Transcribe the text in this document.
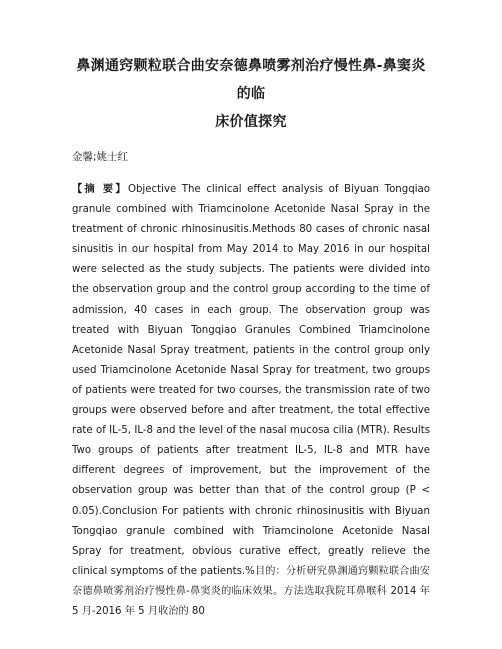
鼻渊通窍颗粒联合曲安奈德鼻喷雾剂治疗慢性鼻-鼻窦炎的临
床价值探究

金馨;姚士红

【摘 要】Objective The clinical effect analysis of Biyuan Tongqiao granule combined with Triamcinolone Acetonide Nasal Spray in the treatment of chronic rhinosinusitis.Methods 80 cases of chronic nasal sinusitis in our hospital from May 2014 to May 2016 in our hospital were selected as the study subjects. The patients were divided into the observation group and the control group according to the time of admission, 40 cases in each group. The observation group was treated with Biyuan Tongqiao Granules Combined Triamcinolone Acetonide Nasal Spray treatment, patients in the control group only used Triamcinolone Acetonide Nasal Spray for treatment, two groups of patients were treated for two courses, the transmission rate of two groups were observed before and after treatment, the total effective rate of IL-5, IL-8 and the level of the nasal mucosa cilia (MTR). Results Two groups of patients after treatment IL-5, IL-8 and MTR have different degrees of improvement, but the improvement of the observation group was better than that of the control group (P < 0.05).Conclusion For patients with chronic rhinosinusitis with Biyuan Tongqiao granule combined with Triamcinolone Acetonide Nasal Spray for treatment, obvious curative effect, greatly relieve the clinical symptoms of the patients.%目的：分析研究鼻渊通窍颗粒联合曲安奈德鼻喷雾剂治疗慢性鼻-鼻窦炎的临床效果。方法选取我院耳鼻喉科 2014 年 5 月-2016 年 5 月收治的 80
